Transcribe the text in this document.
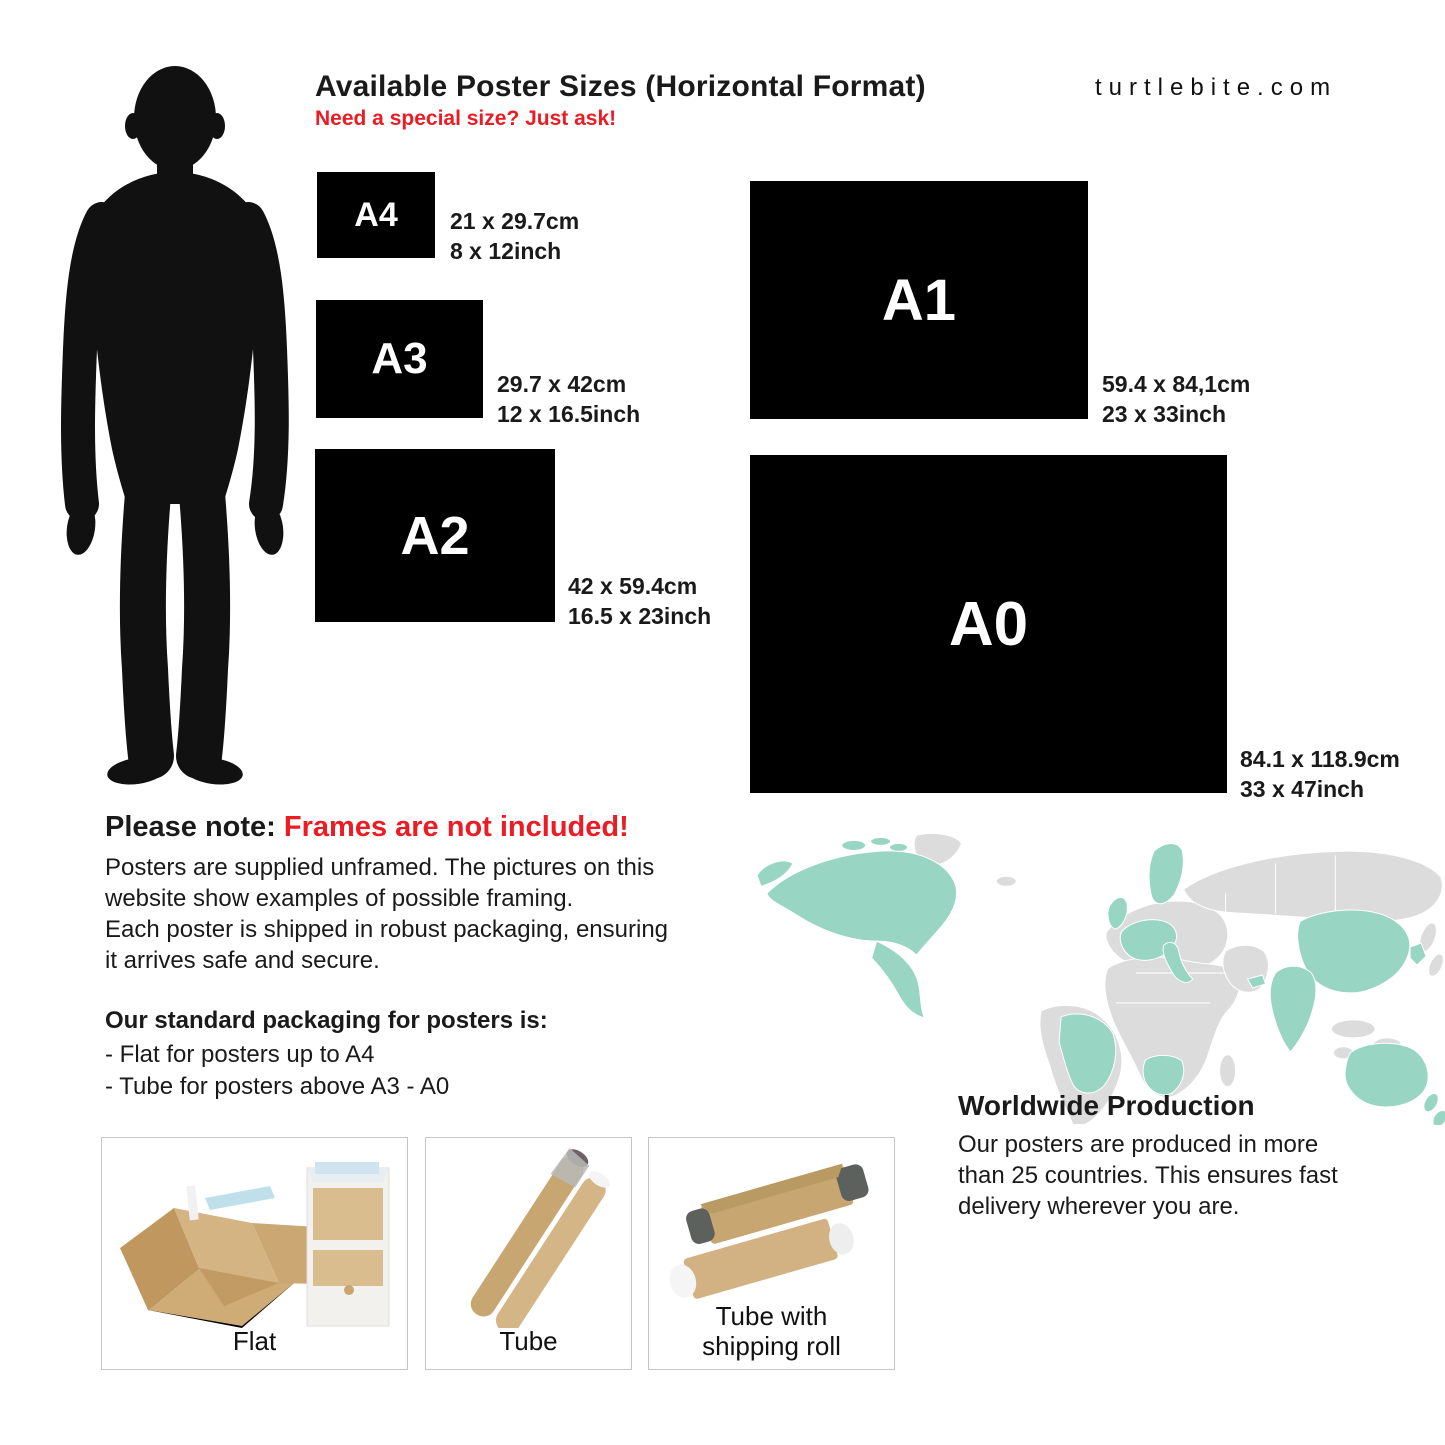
Available Poster Sizes (Horizontal Format)
Need a special size? Just ask!
turtlebite.com
A4 21 x 29.7cm
8 x 12inch
A3
29.7 x 42cm
12 x 16.5inch
A2
42 x 59.4cm
16.5 x 23inch
A1
59.4 x 84,1cm
23 x 33inch
A0
84.1 x 118.9cm
33 x 47inch
Please note: Frames are not included!
Posters are supplied unframed. The pictures on this
website show examples of possible framing.
Each poster is shipped in robust packaging, ensuring
it arrives safe and secure.
Our standard packaging for posters is:
- Flat for posters up to A4
- Tube for posters above A3 - A0
Worldwide Production
Our posters are produced in more
than 25 countries. This ensures fast
delivery wherever you are.
Flat	Tube
Tube with
shipping roll
